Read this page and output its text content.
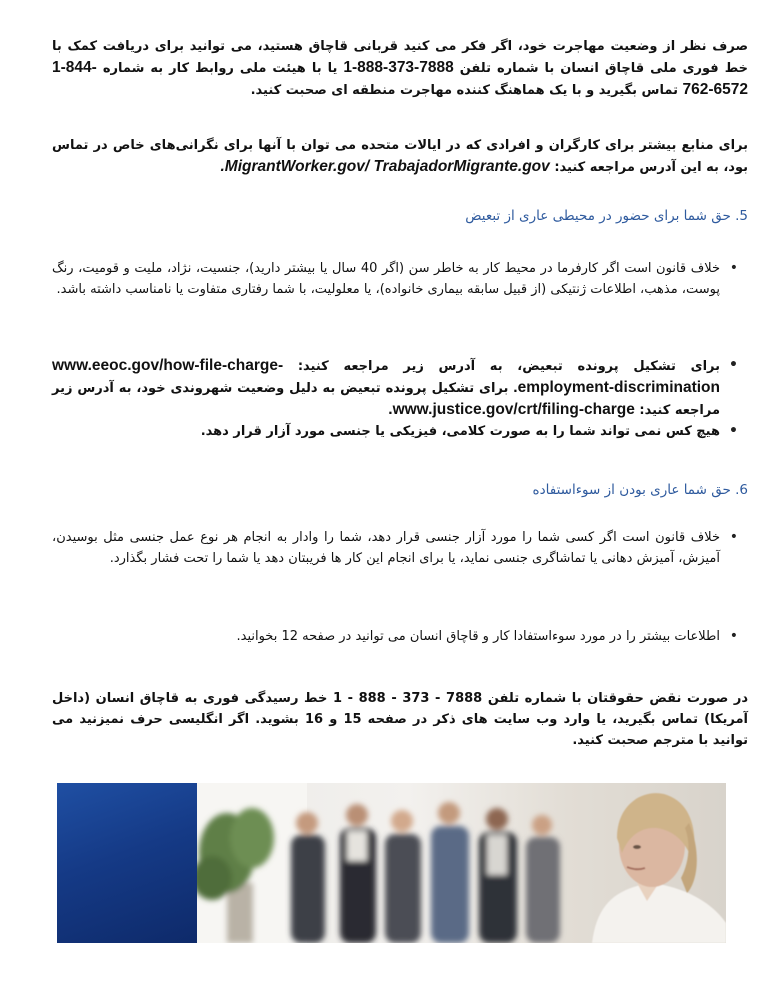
صرف نظر از وضعیت مهاجرت خود، اگر فکر می کنید قربانی قاچاق هستید، می توانید برای دریافت کمک با خط فوری ملی قاچاق انسان با شماره تلفن 1-888-373-7888 یا با هیئت ملی روابط کار به شماره 1-844-762-6572 تماس بگیرید و با یک هماهنگ کننده مهاجرت منطقه ای صحبت کنید.
برای منابع بیشتر برای کارگران و افرادی که در ایالات متحده می توان با آنها برای نگرانی‌های خاص در تماس بود، به این آدرس مراجعه کنید: MigrantWorker.gov/ TrabajadorMigrante.gov.
5. حق شما برای حضور در محیطی عاری از تبعیض
• خلاف قانون است اگر کارفرما در محیط کار به خاطر سن (اگر 40 سال یا بیشتر دارید)، جنسیت، نژاد، ملیت و قومیت، رنگ پوست، مذهب، اطلاعات ژنتیکی (از قبیل سابقه بیماری خانواده)، یا معلولیت، با شما رفتاری متفاوت یا نامناسب داشته باشد.
• برای تشکیل پرونده تبعیض، به آدرس زیر مراجعه کنید: www.eeoc.gov/how-file-charge-employment-discrimination. برای تشکیل پرونده تبعیض به دلیل وضعیت شهروندی خود، به آدرس زیر مراجعه کنید: www.justice.gov/crt/filing-charge.
• هیچ کس نمی تواند شما را به صورت کلامی، فیزیکی یا جنسی مورد آزار قرار دهد.
6. حق شما عاری بودن از سوءاستفاده
• خلاف قانون است اگر کسی شما را مورد آزار جنسی قرار دهد، شما را وادار به انجام هر نوع عمل جنسی مثل بوسیدن، آمیزش، آمیزش دهانی یا تماشاگری جنسی نماید، یا برای انجام این کار ها فریبتان دهد یا شما را تحت فشار بگذارد.
• اطلاعات بیشتر را در مورد سوءاستفادا کار و قاچاق انسان می توانید در صفحه 12 بخوانید.
در صورت نقض حقوقتان با شماره تلفن 7888 - 373 - 888 - 1 خط رسیدگی فوری به قاچاق انسان (داخل آمریکا) تماس بگیرید، یا وارد وب سایت های ذکر در صفحه 15 و 16 بشوید. اگر انگلیسی حرف نمیزنید می توانید با مترجم صحبت کنید.
